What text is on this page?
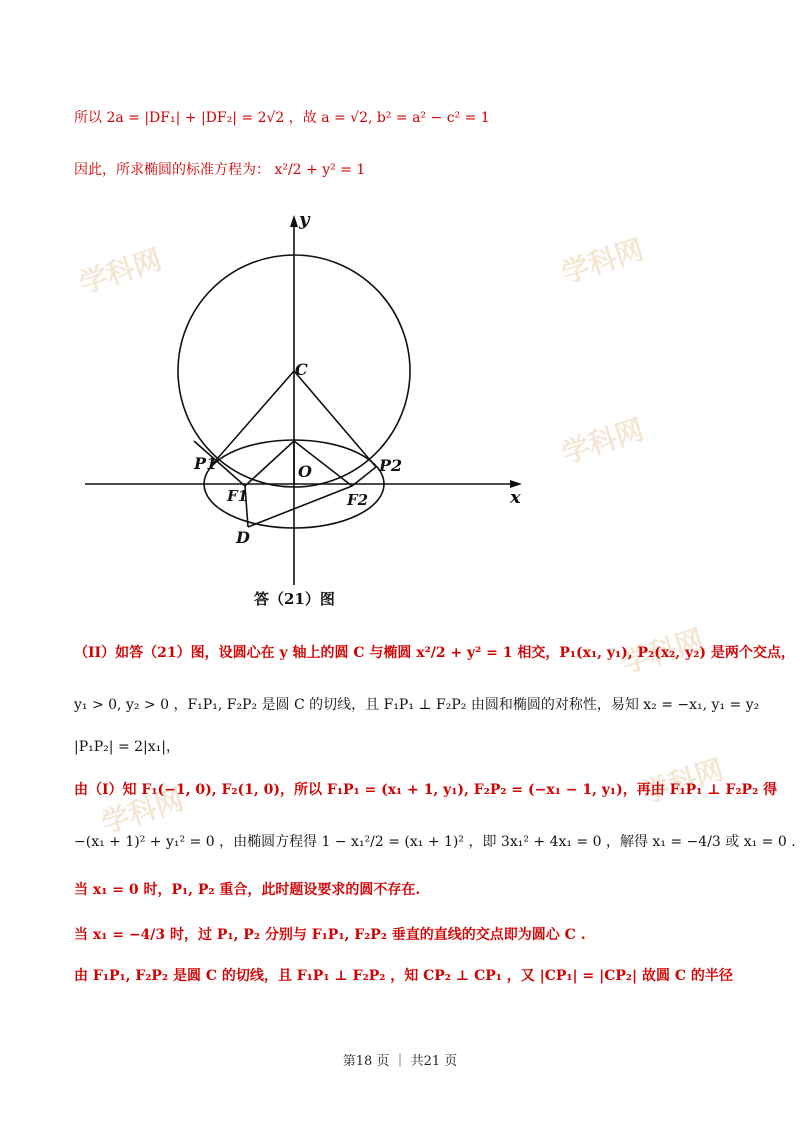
学科网	学科网
学科网
学科网
学科网
学科网
所以 2a = |DF₁| + |DF₂| = 2√2 ，故 a = √2, b² = a² − c² = 1
因此，所求椭圆的标准方程为： x²/2 + y² = 1
y
x
C
O
P1	P2
F1	F2
D
答（21）图
（II）如答（21）图，设圆心在 y 轴上的圆 C 与椭圆 x²/2 + y² = 1 相交，P₁(x₁, y₁), P₂(x₂, y₂) 是两个交点，
y₁ > 0, y₂ > 0 ，F₁P₁, F₂P₂ 是圆 C 的切线，且 F₁P₁ ⊥ F₂P₂ 由圆和椭圆的对称性，易知 x₂ = −x₁, y₁ = y₂
|P₁P₂| = 2|x₁|，
由（I）知 F₁(−1, 0), F₂(1, 0)，所以 F₁P₁ = (x₁ + 1, y₁), F₂P₂ = (−x₁ − 1, y₁)，再由 F₁P₁ ⊥ F₂P₂ 得
−(x₁ + 1)² + y₁² = 0 ，由椭圆方程得 1 − x₁²/2 = (x₁ + 1)² ，即 3x₁² + 4x₁ = 0 ，解得 x₁ = −4/3 或 x₁ = 0 .
当 x₁ = 0 时，P₁, P₂ 重合，此时题设要求的圆不存在.
当 x₁ = −4/3 时，过 P₁, P₂ 分别与 F₁P₁, F₂P₂ 垂直的直线的交点即为圆心 C .
由 F₁P₁, F₂P₂ 是圆 C 的切线，且 F₁P₁ ⊥ F₂P₂ ，知 CP₂ ⊥ CP₁ ，又 |CP₁| = |CP₂| 故圆 C 的半径
第18 页 ｜ 共21 页
